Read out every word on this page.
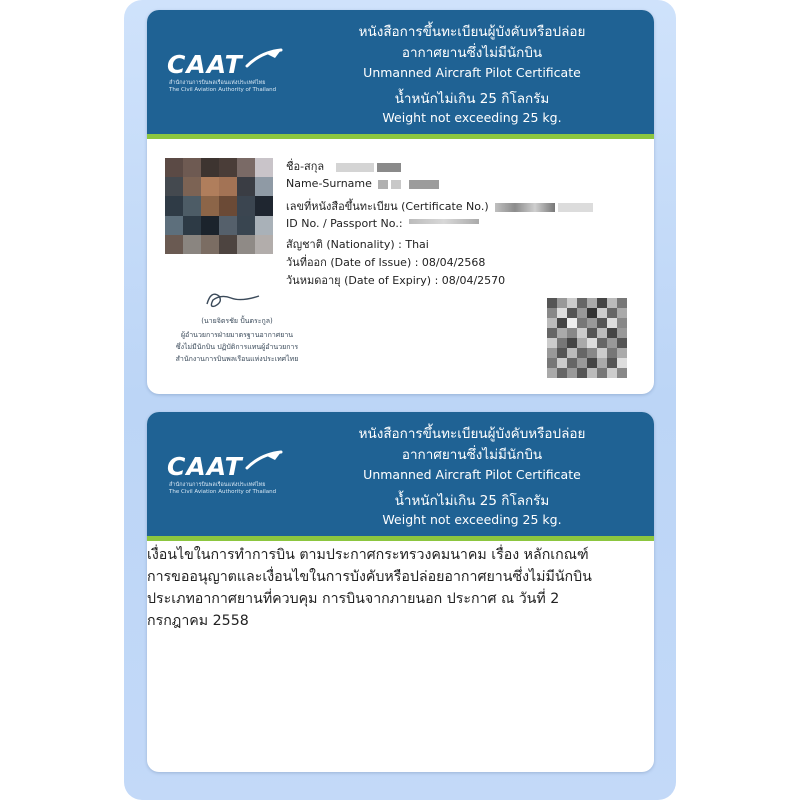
CAAT
สำนักงานการบินพลเรือนแห่งประเทศไทย
The Civil Aviation Authority of Thailand
หนังสือการขึ้นทะเบียนผู้บังคับหรือปล่อย
อากาศยานซึ่งไม่มีนักบิน
Unmanned Aircraft Pilot Certificate
น้ำหนักไม่เกิน 25 กิโลกรัม
Weight not exceeding 25 kg.
ชื่อ-สกุล
Name-Surname
เลขที่หนังสือขึ้นทะเบียน (Certificate No.)
ID No. / Passport No.:
สัญชาติ (Nationality) : Thai
วันที่ออก (Date of Issue) : 08/04/2568
วันหมดอายุ (Date of Expiry) : 08/04/2570
(นายจิตรชัย ปั้นตระกูล)
ผู้อำนวยการฝ่ายมาตรฐานอากาศยาน
ซึ่งไม่มีนักบิน ปฏิบัติการแทนผู้อำนวยการ
สำนักงานการบินพลเรือนแห่งประเทศไทย
CAAT
สำนักงานการบินพลเรือนแห่งประเทศไทย
The Civil Aviation Authority of Thailand
หนังสือการขึ้นทะเบียนผู้บังคับหรือปล่อย
อากาศยานซึ่งไม่มีนักบิน
Unmanned Aircraft Pilot Certificate
น้ำหนักไม่เกิน 25 กิโลกรัม
Weight not exceeding 25 kg.
เงื่อนไขในการทำการบิน ตามประกาศกระทรวงคมนาคม เรื่อง หลักเกณฑ์
การขออนุญาตและเงื่อนไขในการบังคับหรือปล่อยอากาศยานซึ่งไม่มีนักบิน
ประเภทอากาศยานที่ควบคุม การบินจากภายนอก ประกาศ ณ วันที่ 2
กรกฎาคม 2558
